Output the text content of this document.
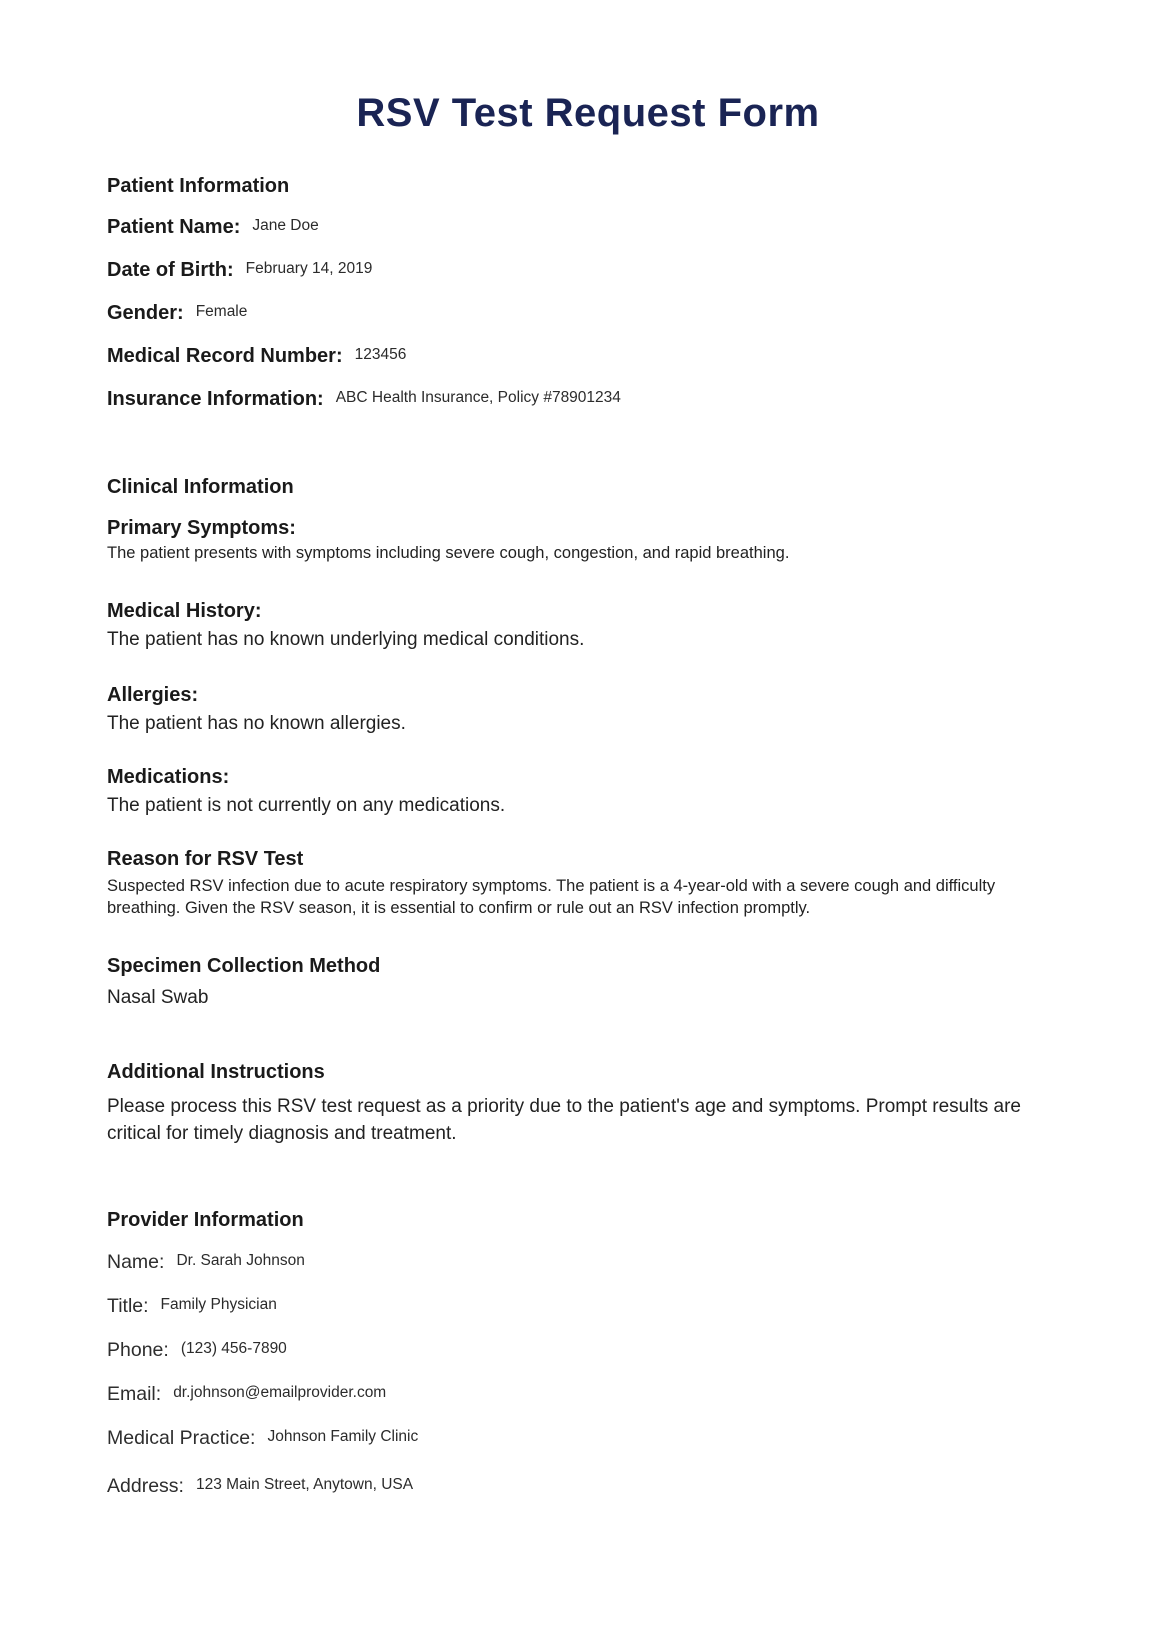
RSV Test Request Form
Patient Information
Patient Name: Jane Doe
Date of Birth: February 14, 2019
Gender: Female
Medical Record Number: 123456
Insurance Information: ABC Health Insurance, Policy #78901234
Clinical Information
Primary Symptoms:

The patient presents with symptoms including severe cough, congestion, and rapid breathing.

Medical History:

The patient has no known underlying medical conditions.

Allergies:

The patient has no known allergies.

Medications:

The patient is not currently on any medications.

Reason for RSV Test

Suspected RSV infection due to acute respiratory symptoms. The patient is a 4-year-old with a severe cough and difficulty breathing. Given the RSV season, it is essential to confirm or rule out an RSV infection promptly.

Specimen Collection Method

Nasal Swab

Additional Instructions

Please process this RSV test request as a priority due to the patient's age and symptoms. Prompt results are critical for timely diagnosis and treatment.

Provider Information
Name: Dr. Sarah Johnson
Title: Family Physician
Phone: (123) 456-7890
Email: dr.johnson@emailprovider.com
Medical Practice: Johnson Family Clinic
Address: 123 Main Street, Anytown, USA
